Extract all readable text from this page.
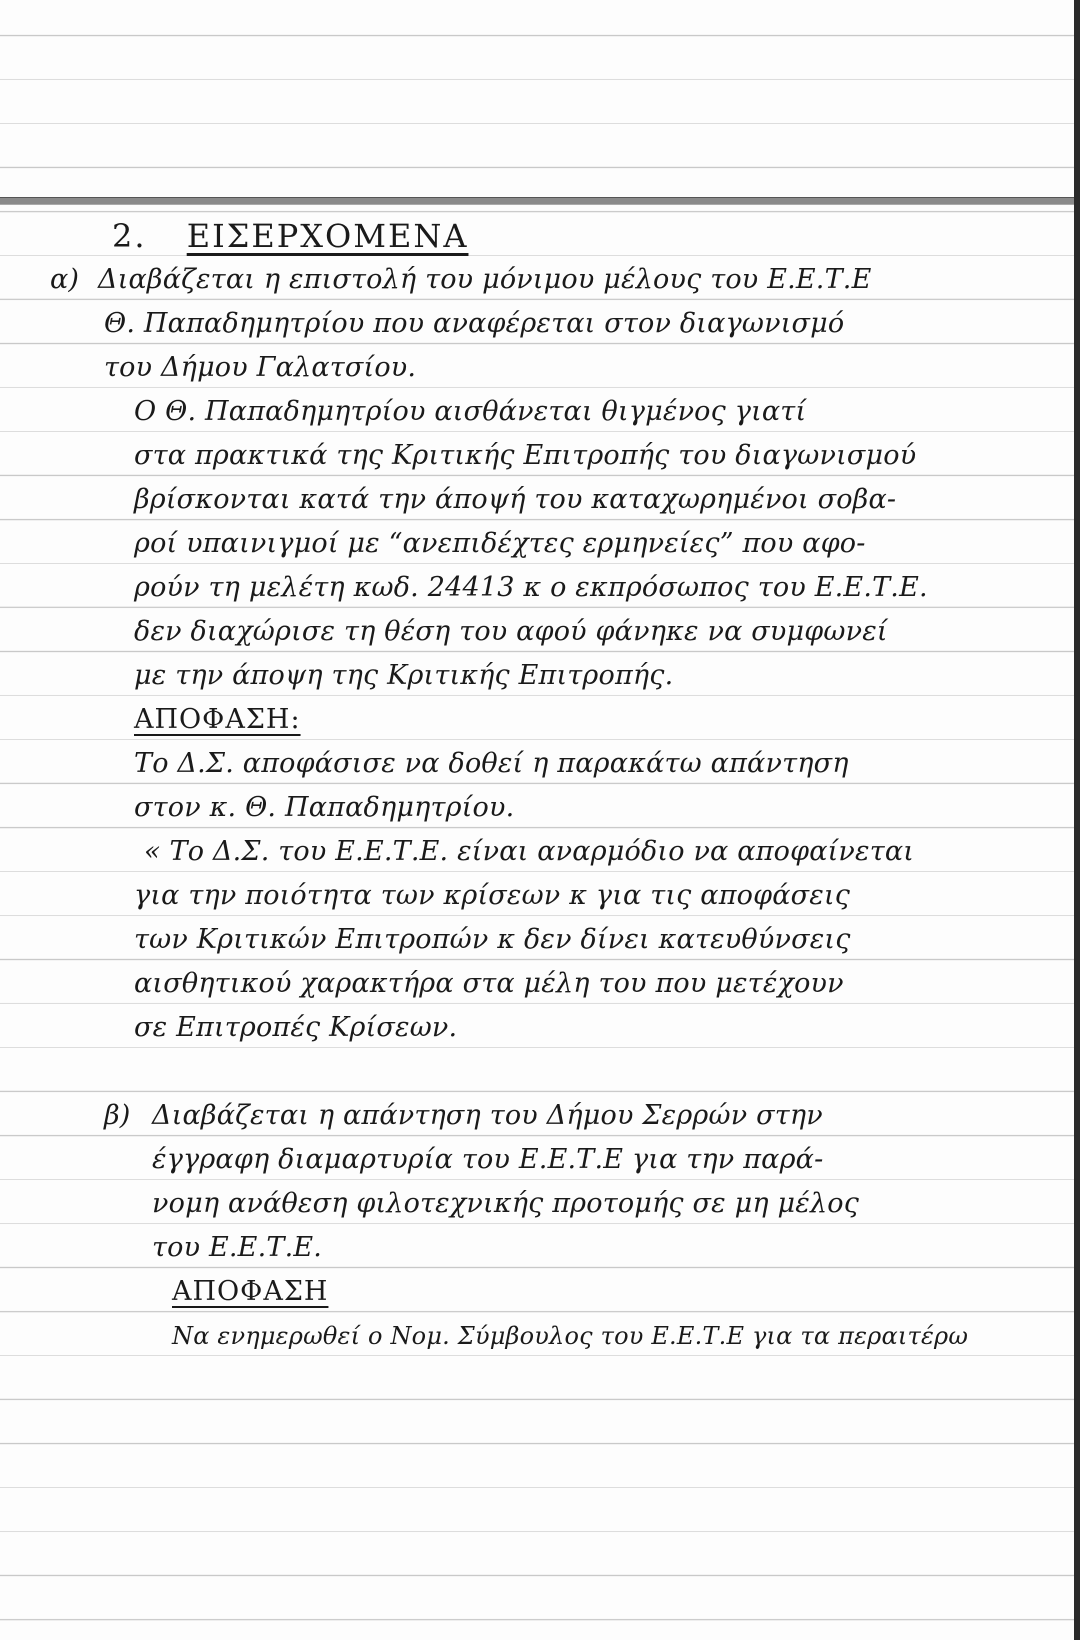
2. ΕΙΣΕΡΧΟΜΕΝΑ
α) Διαβάζεται η επιστολή του μόνιμου μέλους του Ε.Ε.Τ.Ε
Θ. Παπαδημητρίου που αναφέρεται στον διαγωνισμό
του Δήμου Γαλατσίου.
Ο Θ. Παπαδημητρίου αισθάνεται θιγμένος γιατί
στα πρακτικά της Κριτικής Επιτροπής του διαγωνισμού
βρίσκονται κατά την άποψή του καταχωρημένοι σοβα-
ροί υπαινιγμοί με “ανεπιδέχτες ερμηνείες” που αφο-
ρούν τη μελέτη κωδ. 24413 κ ο εκπρόσωπος του Ε.Ε.Τ.Ε.
δεν διαχώρισε τη θέση του αφού φάνηκε να συμφωνεί
με την άποψη της Κριτικής Επιτροπής.
ΑΠΟΦΑΣΗ:
Το Δ.Σ. αποφάσισε να δοθεί η παρακάτω απάντηση
στον κ. Θ. Παπαδημητρίου.
« Το Δ.Σ. του Ε.Ε.Τ.Ε. είναι αναρμόδιο να αποφαίνεται
για την ποιότητα των κρίσεων κ για τις αποφάσεις
των Κριτικών Επιτροπών κ δεν δίνει κατευθύνσεις
αισθητικού χαρακτήρα στα μέλη του που μετέχουν
σε Επιτροπές Κρίσεων.
β) Διαβάζεται η απάντηση του Δήμου Σερρών στην
έγγραφη διαμαρτυρία του Ε.Ε.Τ.Ε για την παρά-
νομη ανάθεση φιλοτεχνικής προτομής σε μη μέλος
του Ε.Ε.Τ.Ε.
ΑΠΟΦΑΣΗ
Να ενημερωθεί ο Νομ. Σύμβουλος του Ε.Ε.Τ.Ε για τα περαιτέρω
